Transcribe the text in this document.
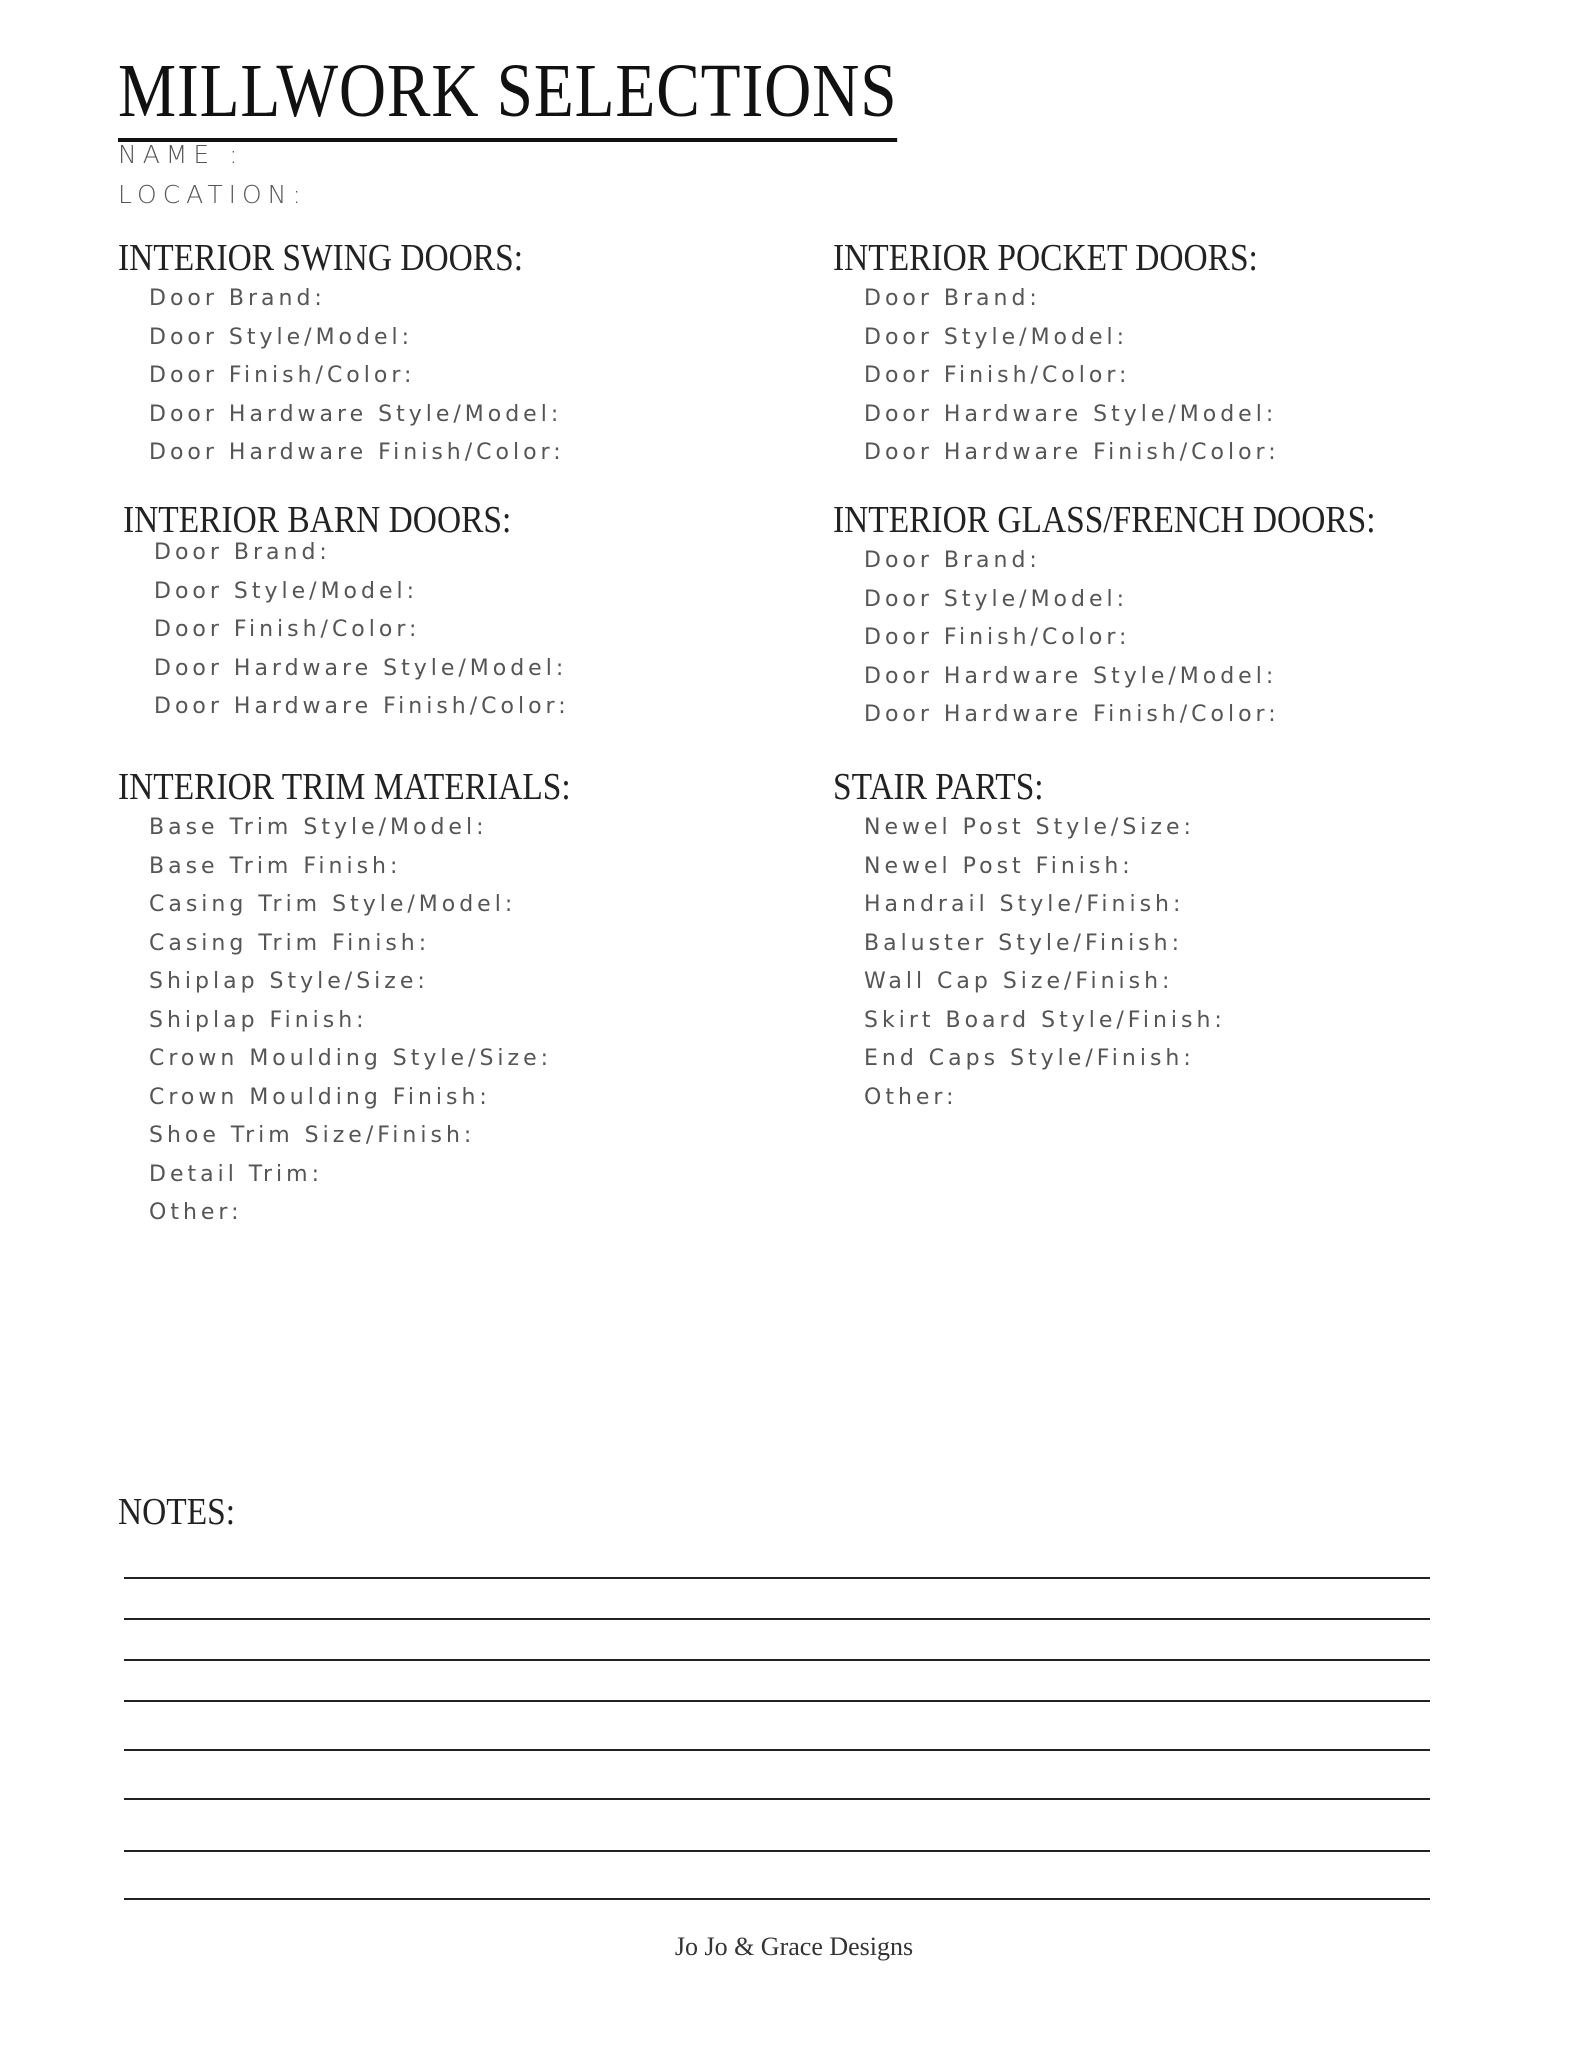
MILLWORK SELECTIONS
NAME :
LOCATION:
INTERIOR SWING DOORS:
Door Brand:
Door Style/Model:
Door Finish/Color:
Door Hardware Style/Model:
Door Hardware Finish/Color:
INTERIOR POCKET DOORS:
Door Brand:
Door Style/Model:
Door Finish/Color:
Door Hardware Style/Model:
Door Hardware Finish/Color:
INTERIOR BARN DOORS:
Door Brand:
Door Style/Model:
Door Finish/Color:
Door Hardware Style/Model:
Door Hardware Finish/Color:
INTERIOR GLASS/FRENCH DOORS:
Door Brand:
Door Style/Model:
Door Finish/Color:
Door Hardware Style/Model:
Door Hardware Finish/Color:
INTERIOR TRIM MATERIALS:
Base Trim Style/Model:
Base Trim Finish:
Casing Trim Style/Model:
Casing Trim Finish:
Shiplap Style/Size:
Shiplap Finish:
Crown Moulding Style/Size:
Crown Moulding Finish:
Shoe Trim Size/Finish:
Detail Trim:
Other:
STAIR PARTS:
Newel Post Style/Size:
Newel Post Finish:
Handrail Style/Finish:
Baluster Style/Finish:
Wall Cap Size/Finish:
Skirt Board Style/Finish:
End Caps Style/Finish:
Other:
NOTES:
Jo Jo & Grace Designs
